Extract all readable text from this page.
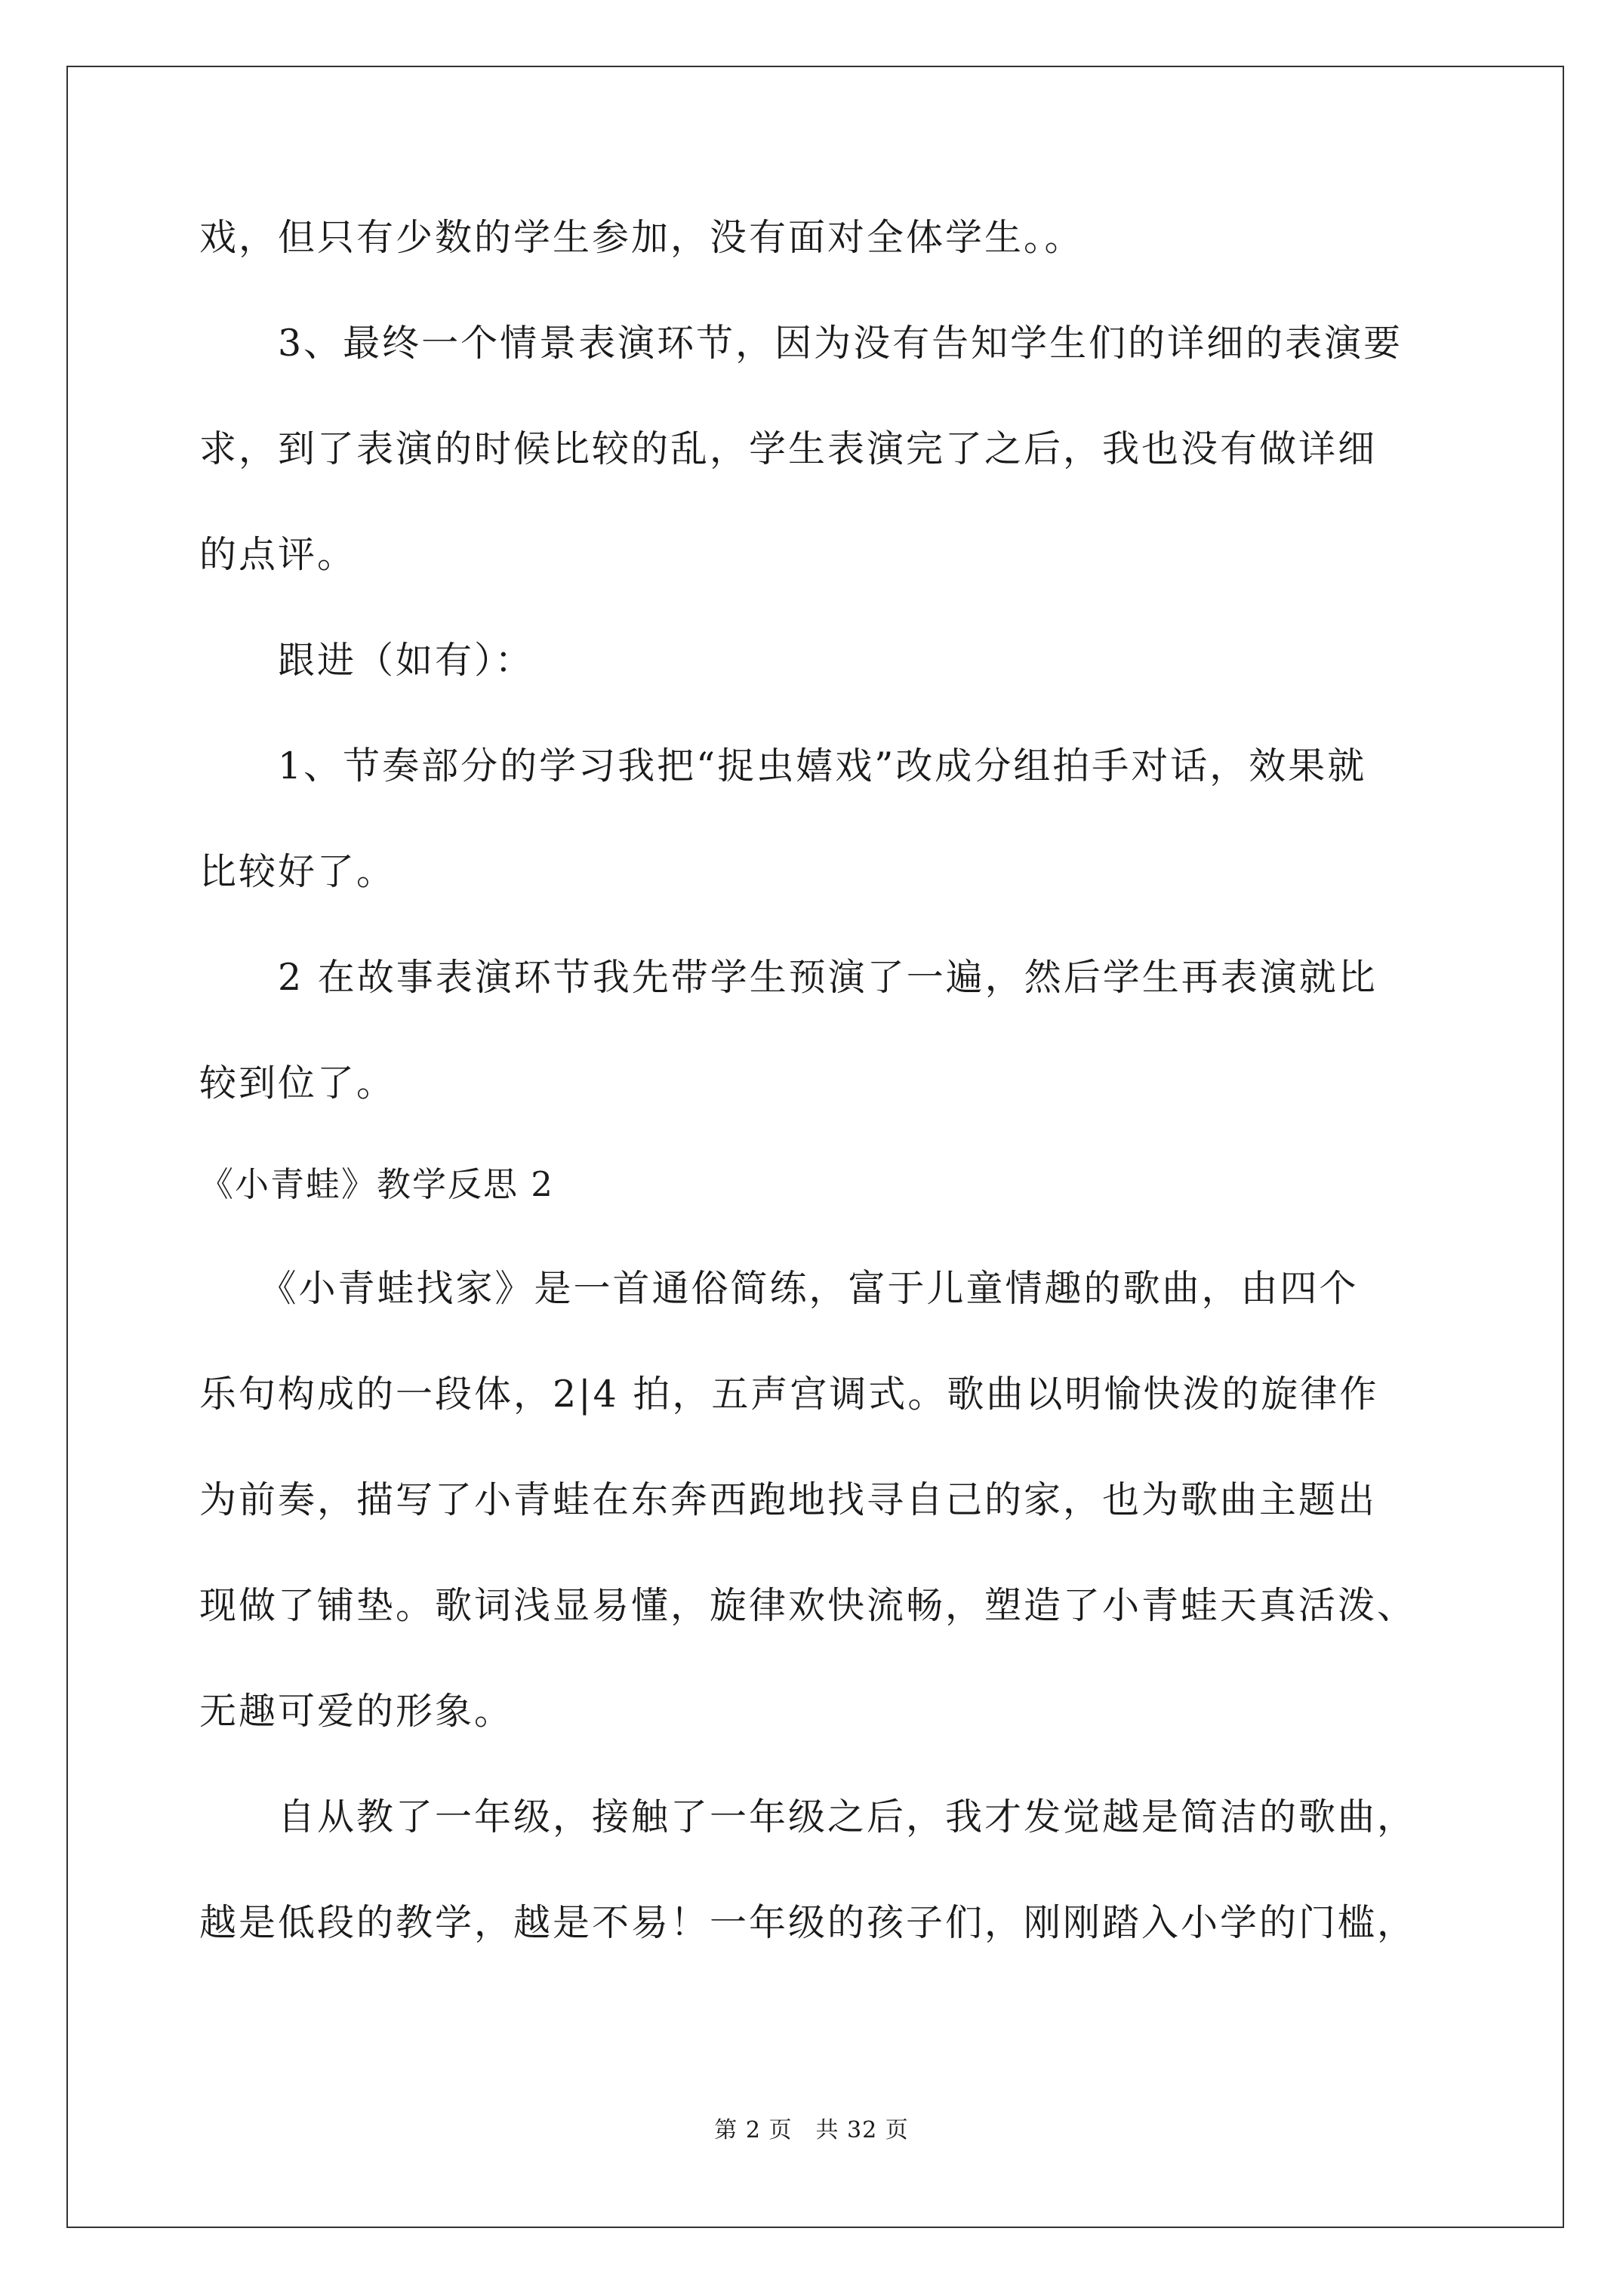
戏，但只有少数的学生参加，没有面对全体学生。。
　　3、最终一个情景表演环节，因为没有告知学生们的详细的表演要
求，到了表演的时候比较的乱，学生表演完了之后，我也没有做详细
的点评。
　　跟进（如有）：
　　1、节奏部分的学习我把“捉虫嬉戏”改成分组拍手对话，效果就
比较好了。
　　2 在故事表演环节我先带学生预演了一遍，然后学生再表演就比
较到位了。
《小青蛙》教学反思 2
　　《小青蛙找家》是一首通俗简练，富于儿童情趣的歌曲，由四个
乐句构成的一段体，2|4 拍，五声宫调式。歌曲以明愉快泼的旋律作
为前奏，描写了小青蛙在东奔西跑地找寻自己的家，也为歌曲主题出
现做了铺垫。歌词浅显易懂，旋律欢快流畅，塑造了小青蛙天真活泼、
无趣可爱的形象。
　　自从教了一年级，接触了一年级之后，我才发觉越是简洁的歌曲，
越是低段的教学，越是不易！一年级的孩子们，刚刚踏入小学的门槛，
第 2 页　共 32 页
